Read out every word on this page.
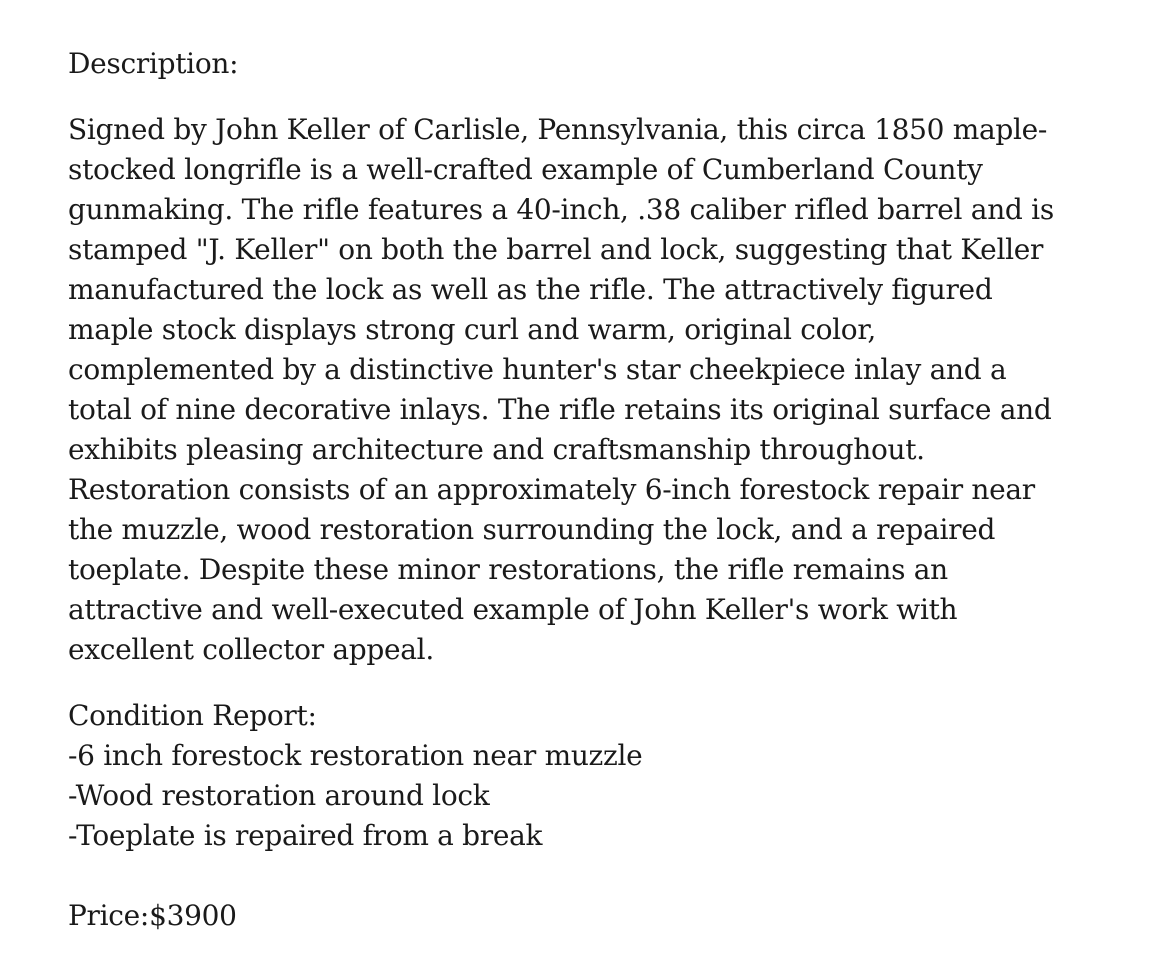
Description:

Signed by John Keller of Carlisle, Pennsylvania, this circa 1850 maple-stocked longrifle is a well-crafted example of Cumberland County gunmaking. The rifle features a 40-inch, .38 caliber rifled barrel and is stamped "J. Keller" on both the barrel and lock, suggesting that Keller manufactured the lock as well as the rifle. The attractively figured maple stock displays strong curl and warm, original color, complemented by a distinctive hunter's star cheekpiece inlay and a total of nine decorative inlays. The rifle retains its original surface and exhibits pleasing architecture and craftsmanship throughout. Restoration consists of an approximately 6-inch forestock repair near the muzzle, wood restoration surrounding the lock, and a repaired toeplate. Despite these minor restorations, the rifle remains an attractive and well-executed example of John Keller's work with excellent collector appeal.

Condition Report:
-6 inch forestock restoration near muzzle
-Wood restoration around lock
-Toeplate is repaired from a break

Price:$3900
